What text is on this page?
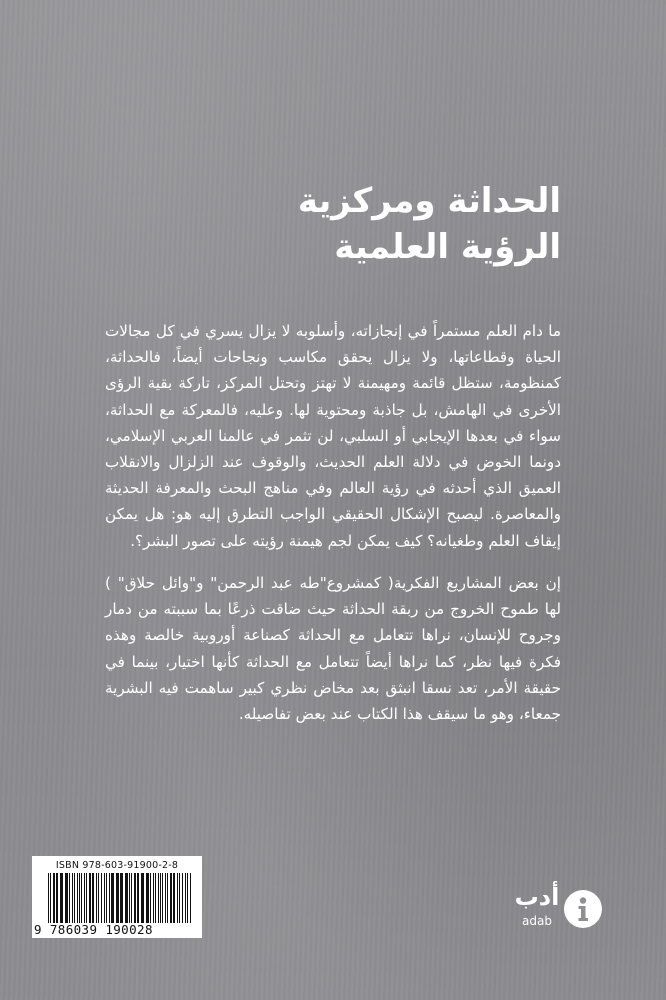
الحداثة ومركزية
الرؤية العلمية
ما دام العلم مستمراً في إنجازاته، وأسلوبه لا يزال يسري في كل مجالات الحياة وقطاعاتها، ولا يزال يحقق مكاسب ونجاحات أيضاً، فالحداثة، كمنظومة، ستظل قائمة ومهيمنة لا تهتز وتحتل المركز، تاركة بقية الرؤى الأخرى في الهامش، بل جاذبة ومحتوية لها. وعليه، فالمعركة مع الحداثة، سواء في بعدها الإيجابي أو السلبي، لن تثمر في عالمنا العربي الإسلامي، دونما الخوض في دلالة العلم الحديث، والوقوف عند الزلزال والانقلاب العميق الذي أحدثه في رؤية العالم وفي مناهج البحث والمعرفة الحديثة والمعاصرة. ليصبح الإشكال الحقيقي الواجب التطرق إليه هو: هل يمكن إيقاف العلم وطغيانه؟ كيف يمكن لجم هيمنة رؤيته على تصور البشر؟.
إن بعض المشاريع الفكرية( كمشروع"طه عبد الرحمن" و"وائل حلاق" ) لها طموح الخروج من ربقة الحداثة حيث ضاقت ذرعًا بما سببته من دمار وجروح للإنسان، نراها تتعامل مع الحداثة كصناعة أوروبية خالصة وهذه فكرة فيها نظر، كما نراها أيضاً تتعامل مع الحداثة كأنها اختيار، بينما في حقيقة الأمر، تعد نسقا انبثق بعد مخاض نظري كبير ساهمت فيه البشرية جمعاء، وهو ما سيقف هذا الكتاب عند بعض تفاصيله.
ISBN 978-603-91900-2-8
9 786039 190028
أدب
adab
